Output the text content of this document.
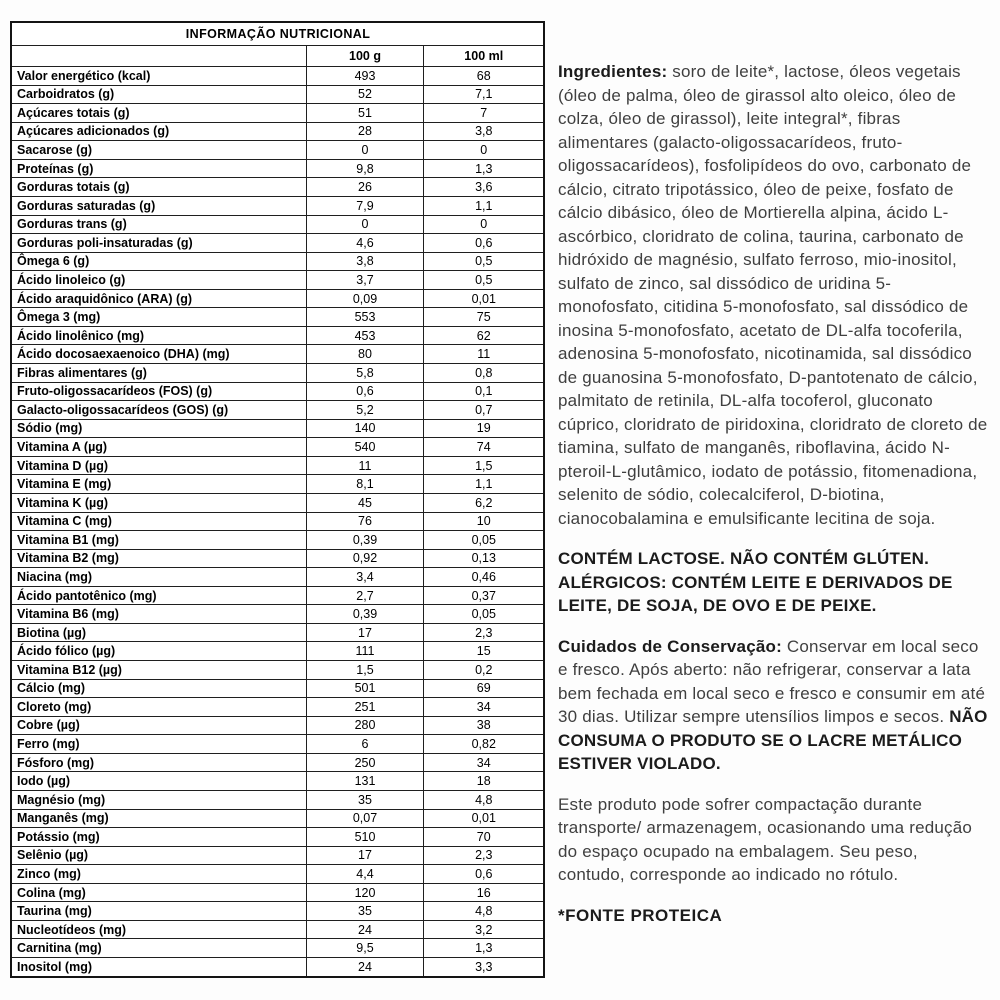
INFORMAÇÃO NUTRICIONAL		
	100 g	100 ml
Valor energético (kcal)	493	68
Carboidratos (g)	52	7,1
Açúcares totais (g)	51	7
Açúcares adicionados (g)	28	3,8
Sacarose (g)	0	0
Proteínas (g)	9,8	1,3
Gorduras totais (g)	26	3,6
Gorduras saturadas (g)	7,9	1,1
Gorduras trans (g)	0	0
Gorduras poli-insaturadas (g)	4,6	0,6
Ômega 6 (g)	3,8	0,5
Ácido linoleico (g)	3,7	0,5
Ácido araquidônico (ARA) (g)	0,09	0,01
Ômega 3 (mg)	553	75
Ácido linolênico (mg)	453	62
Ácido docosaexaenoico (DHA) (mg)	80	11
Fibras alimentares (g)	5,8	0,8
Fruto-oligossacarídeos (FOS) (g)	0,6	0,1
Galacto-oligossacarídeos (GOS) (g)	5,2	0,7
Sódio (mg)	140	19
Vitamina A (µg)	540	74
Vitamina D (µg)	11	1,5
Vitamina E (mg)	8,1	1,1
Vitamina K (µg)	45	6,2
Vitamina C (mg)	76	10
Vitamina B1 (mg)	0,39	0,05
Vitamina B2 (mg)	0,92	0,13
Niacina (mg)	3,4	0,46
Ácido pantotênico (mg)	2,7	0,37
Vitamina B6 (mg)	0,39	0,05
Biotina (µg)	17	2,3
Ácido fólico (µg)	111	15
Vitamina B12 (µg)	1,5	0,2
Cálcio (mg)	501	69
Cloreto (mg)	251	34
Cobre (µg)	280	38
Ferro (mg)	6	0,82
Fósforo (mg)	250	34
Iodo (µg)	131	18
Magnésio (mg)	35	4,8
Manganês (mg)	0,07	0,01
Potássio (mg)	510	70
Selênio (µg)	17	2,3
Zinco (mg)	4,4	0,6
Colina (mg)	120	16
Taurina (mg)	35	4,8
Nucleotídeos (mg)	24	3,2
Carnitina (mg)	9,5	1,3
Inositol (mg)	24	3,3

Ingredientes: soro de leite*, lactose, óleos vegetais (óleo de palma, óleo de girassol alto oleico, óleo de colza, óleo de girassol), leite integral*, fibras alimentares (galacto-oligossacarídeos, fruto-oligossacarídeos), fosfolipídeos do ovo, carbonato de cálcio, citrato tripotássico, óleo de peixe, fosfato de cálcio dibásico, óleo de Mortierella alpina, ácido L-ascórbico, cloridrato de colina, taurina, carbonato de hidróxido de magnésio, sulfato ferroso, mio-inositol, sulfato de zinco, sal dissódico de uridina 5-monofosfato, citidina 5-monofosfato, sal dissódico de inosina 5-monofosfato, acetato de DL-alfa tocoferila, adenosina 5-monofosfato, nicotinamida, sal dissódico de guanosina 5-monofosfato, D-pantotenato de cálcio, palmitato de retinila, DL-alfa tocoferol, gluconato cúprico, cloridrato de piridoxina, cloridrato de cloreto de tiamina, sulfato de manganês, riboflavina, ácido N-pteroil-L-glutâmico, iodato de potássio, fitomenadiona, selenito de sódio, colecalciferol, D-biotina, cianocobalamina e emulsificante lecitina de soja.

CONTÉM LACTOSE. NÃO CONTÉM GLÚTEN. ALÉRGICOS: CONTÉM LEITE E DERIVADOS DE LEITE, DE SOJA, DE OVO E DE PEIXE.

Cuidados de Conservação: Conservar em local seco e fresco. Após aberto: não refrigerar, conservar a lata bem fechada em local seco e fresco e consumir em até 30 dias. Utilizar sempre utensílios limpos e secos. NÃO CONSUMA O PRODUTO SE O LACRE METÁLICO ESTIVER VIOLADO.

Este produto pode sofrer compactação durante transporte/ armazenagem, ocasionando uma redução do espaço ocupado na embalagem. Seu peso, contudo, corresponde ao indicado no rótulo.

*FONTE PROTEICA
